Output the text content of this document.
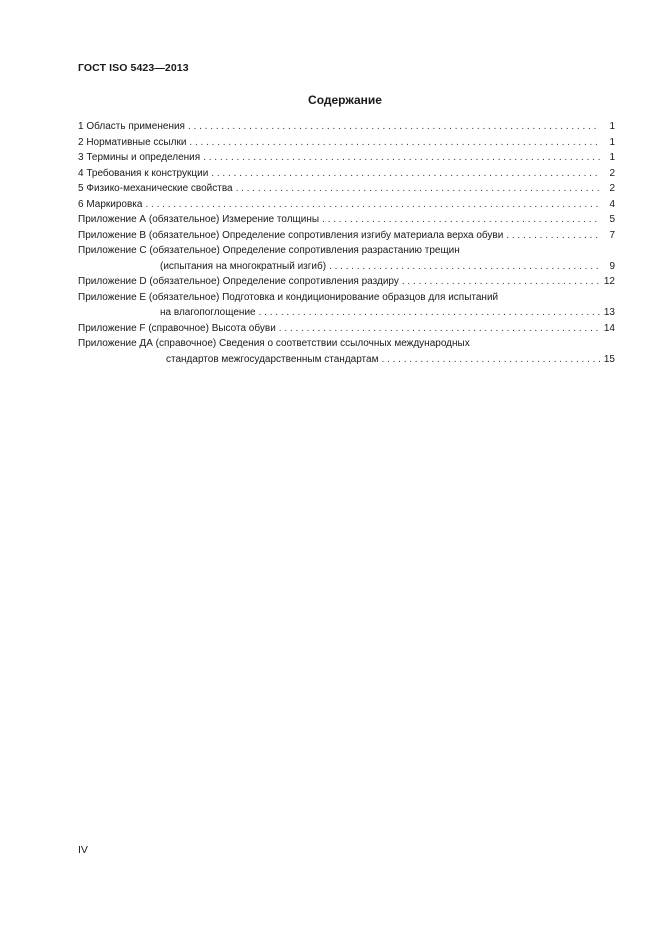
ГОСТ ISO 5423—2013
Содержание
1 Область применения . . .	1
2 Нормативные ссылки . . .	1
3 Термины и определения . . .	1
4 Требования к конструкции . . .	2
5 Физико-механические свойства . . .	2
6 Маркировка . . .	4
Приложение А (обязательное) Измерение толщины . . .	5
Приложение В (обязательное) Определение сопротивления изгибу материала верха обуви . . .	7
Приложение С (обязательное) Определение сопротивления разрастанию трещин
(испытания на многократный изгиб) . . .	9
Приложение D (обязательное) Определение сопротивления раздиру . . .	12
Приложение Е (обязательное) Подготовка и кондиционирование образцов для испытаний
на влагопоглощение . . .	13
Приложение F (справочное) Высота обуви . . .	14
Приложение ДА (справочное) Сведения о соответствии ссылочных международных
стандартов межгосударственным стандартам . . .	15
IV
